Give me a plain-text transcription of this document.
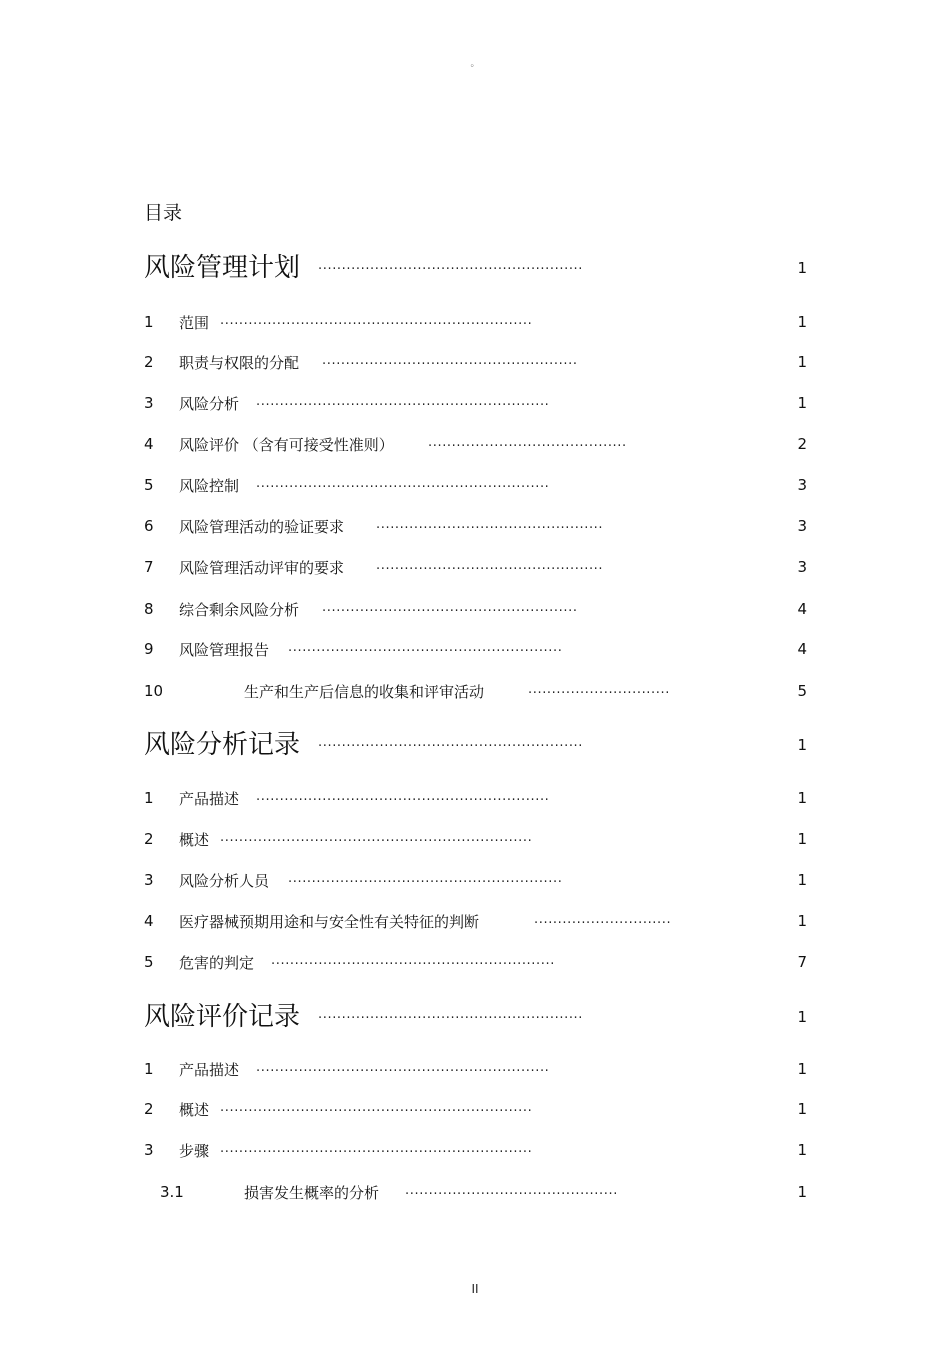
。
目录
风险管理计划 ........................................................	1
1 范围 ..................................................................	1
2 职责与权限的分配 ......................................................	1
3 风险分析 ..............................................................	1
4 风险评价 （含有可接受性准则）	..........................................	2
5 风险控制 ..............................................................	3
6 风险管理活动的验证要求 ................................................	3
7 风险管理活动评审的要求 ................................................	3
8 综合剩余风险分析 ......................................................	4
9 风险管理报告 ..........................................................	4
10	生产和生产后信息的收集和评审活动	..............................	5
风险分析记录 ........................................................	1
1 产品描述 ..............................................................	1
2 概述 ..................................................................	1
3 风险分析人员 ..........................................................	1
4 医疗器械预期用途和与安全性有关特征的判断	.............................	1
5 危害的判定 ............................................................	7
风险评价记录 ........................................................	1
1 产品描述 ..............................................................	1
2 概述 ..................................................................	1
3 步骤 ..................................................................	1
3.1	损害发生概率的分析 .............................................	1
II
